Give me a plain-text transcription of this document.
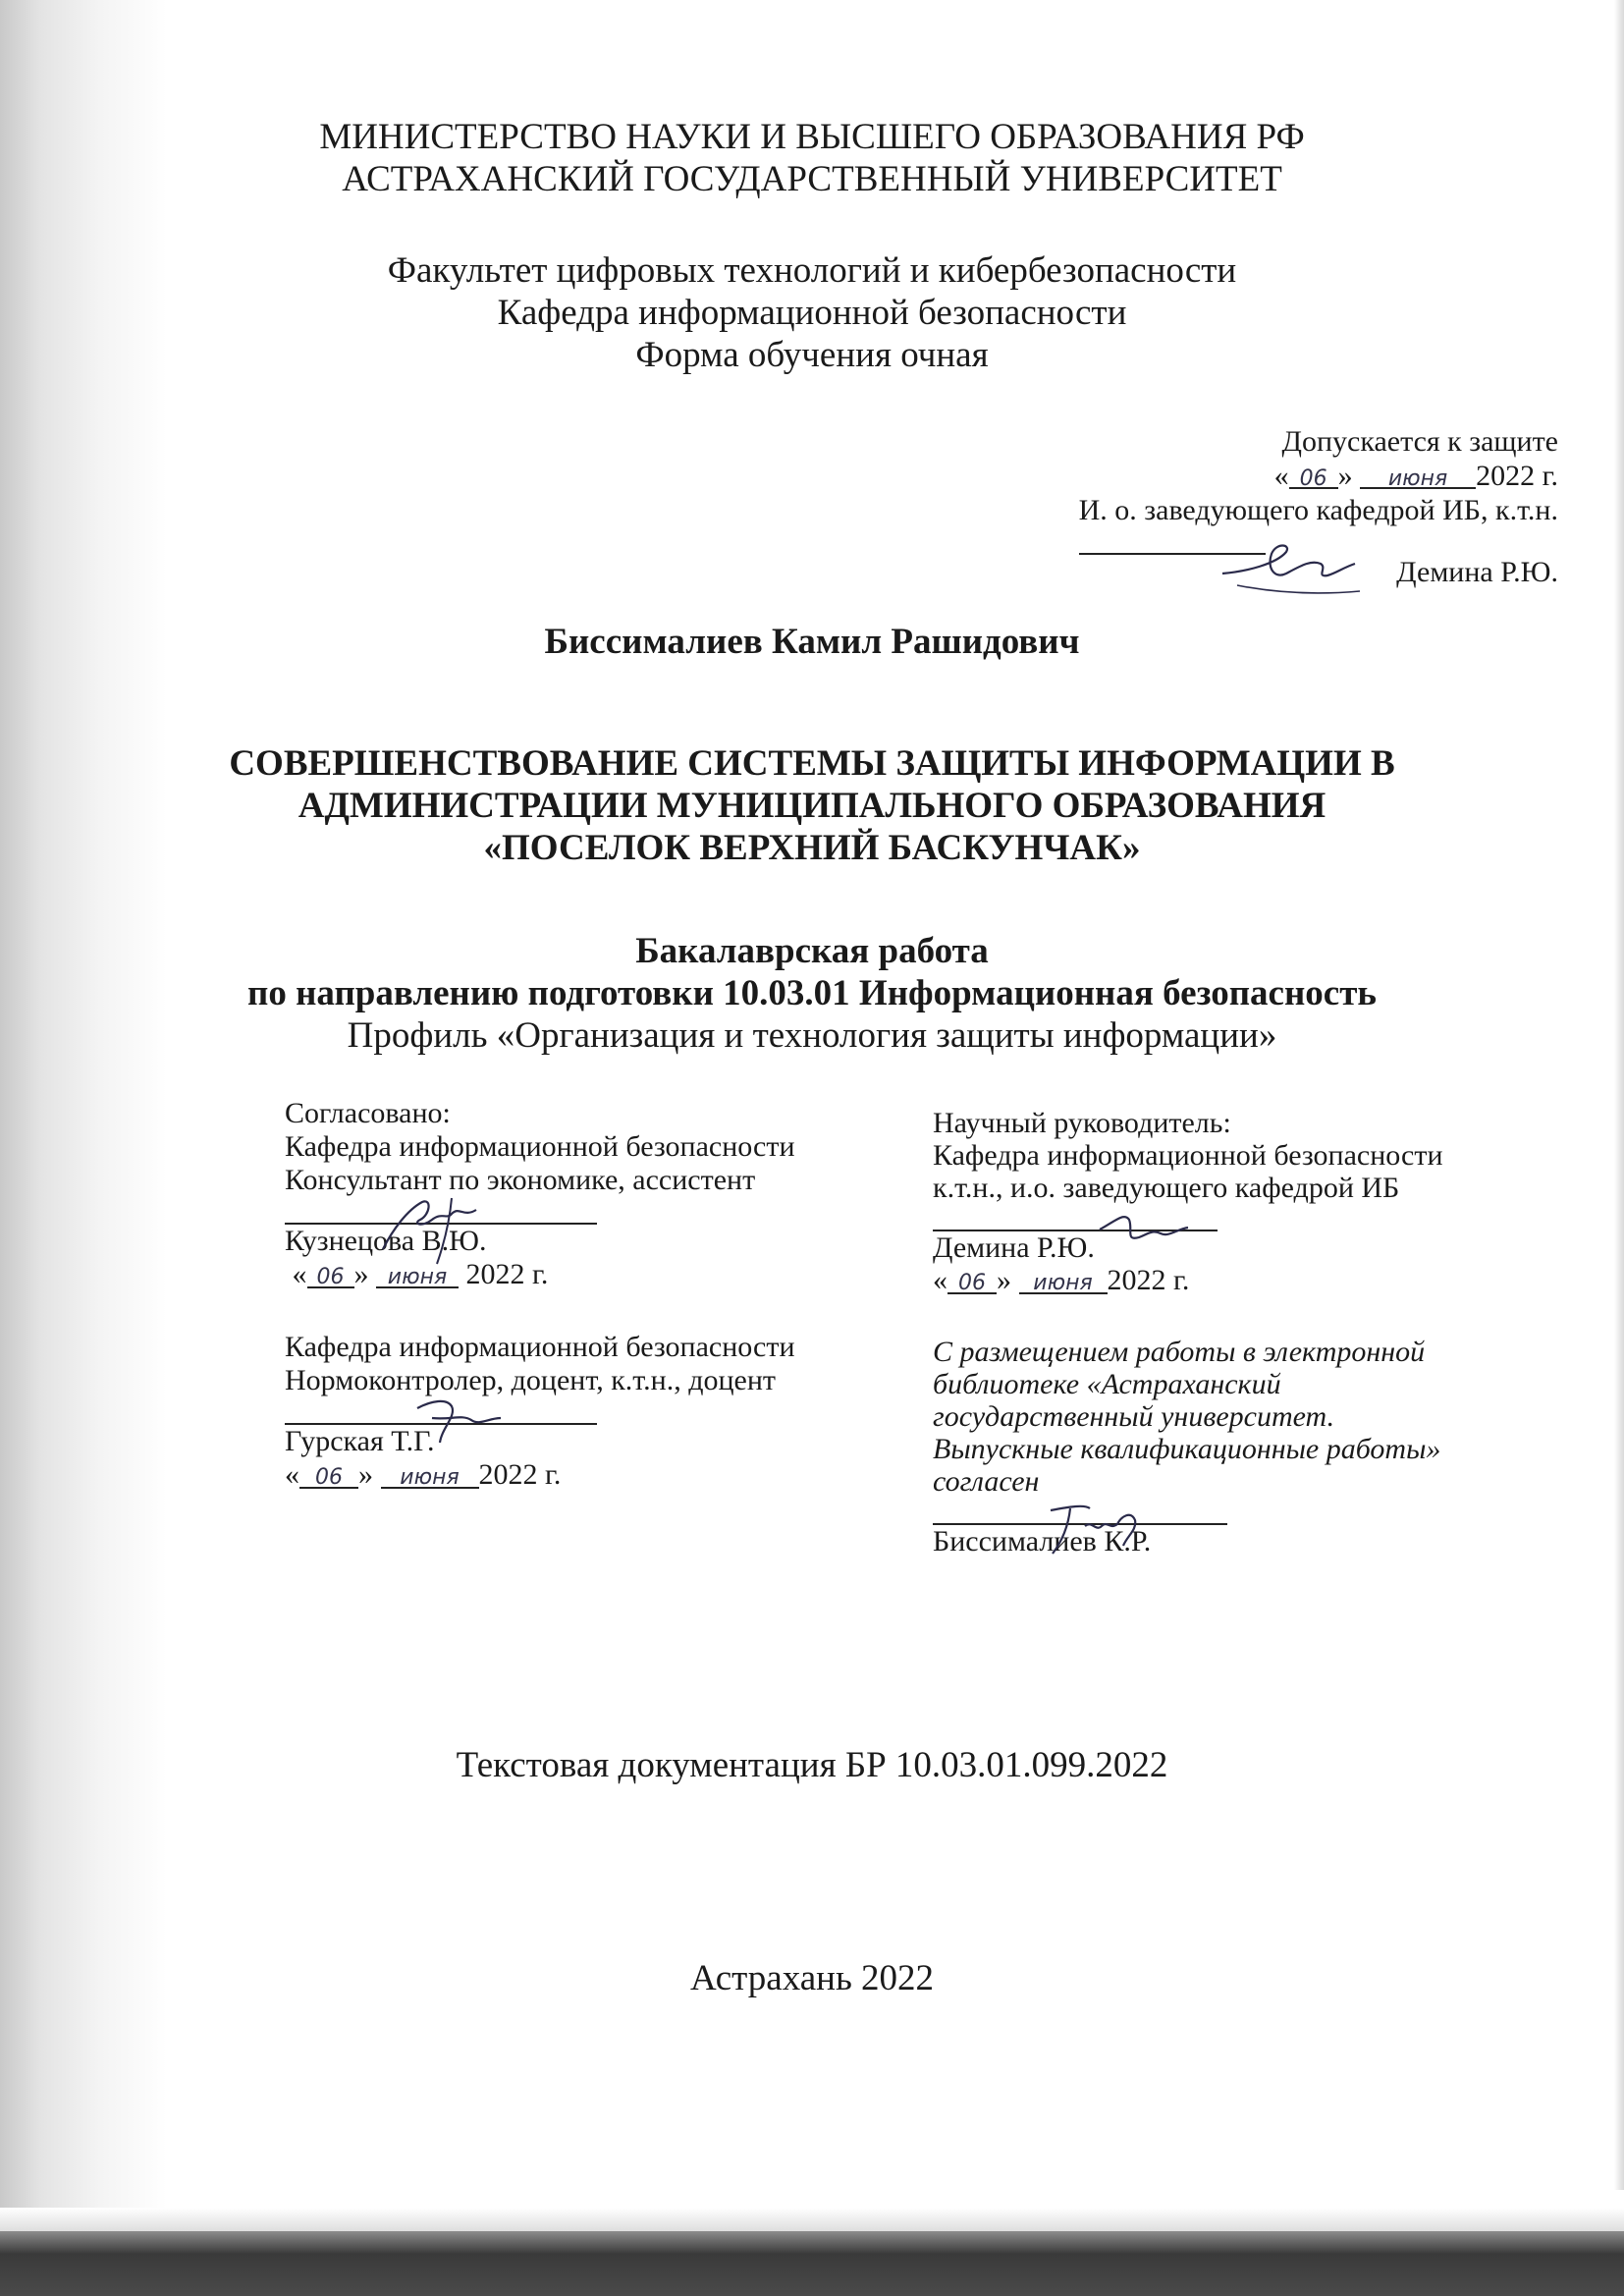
МИНИСТЕРСТВО НАУКИ И ВЫСШЕГО ОБРАЗОВАНИЯ РФ
АСТРАХАНСКИЙ ГОСУДАРСТВЕННЫЙ УНИВЕРСИТЕТ
Факультет цифровых технологий и кибербезопасности
Кафедра информационной безопасности
Форма обучения очная
Допускается к защите
« 06 » июня 2022 г.
И. о. заведующего кафедрой ИБ, к.т.н.
Демина Р.Ю.
Биссималиев Камил Рашидович
СОВЕРШЕНСТВОВАНИЕ СИСТЕМЫ ЗАЩИТЫ ИНФОРМАЦИИ В
АДМИНИСТРАЦИИ МУНИЦИПАЛЬНОГО ОБРАЗОВАНИЯ
«ПОСЕЛОК ВЕРХНИЙ БАСКУНЧАК»
Бакалаврская работа
по направлению подготовки 10.03.01 Информационная безопасность
Профиль «Организация и технология защиты информации»
Согласовано:
Кафедра информационной безопасности
Консультант по экономике, ассистент
Кузнецова В.Ю.
« 06 » июня 2022 г.
Кафедра информационной безопасности
Нормоконтролер, доцент, к.т.н., доцент
Гурская Т.Г.
« 06 » июня 2022 г.
Научный руководитель:
Кафедра информационной безопасности
к.т.н., и.о. заведующего кафедрой ИБ
Демина Р.Ю.
« 06 » июня 2022 г.
С размещением работы в электронной
библиотеке «Астраханский
государственный университет.
Выпускные квалификационные работы»
согласен
Биссималиев К.Р.
Текстовая документация БР 10.03.01.099.2022
Астрахань 2022
